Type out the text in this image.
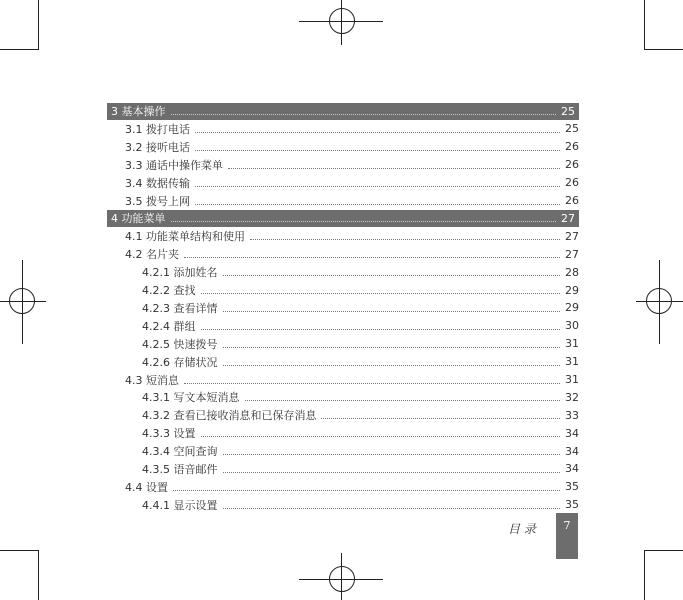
3 基本操作	25
3.1 拨打电话	25
3.2 接听电话	26
3.3 通话中操作菜单	26
3.4 数据传输	26
3.5 拨号上网	26
4 功能菜单	27
4.1 功能菜单结构和使用	27
4.2 名片夹	27
4.2.1 添加姓名	28
4.2.2 查找	29
4.2.3 查看详情	29
4.2.4 群组	30
4.2.5 快速拨号	31
4.2.6 存储状况	31
4.3 短消息	31
4.3.1 写文本短消息	32
4.3.2 查看已接收消息和已保存消息	33
4.3.3 设置	34
4.3.4 空间查询	34
4.3.5 语音邮件	34
4.4 设置	35
4.4.1 显示设置	35
目 录	7
